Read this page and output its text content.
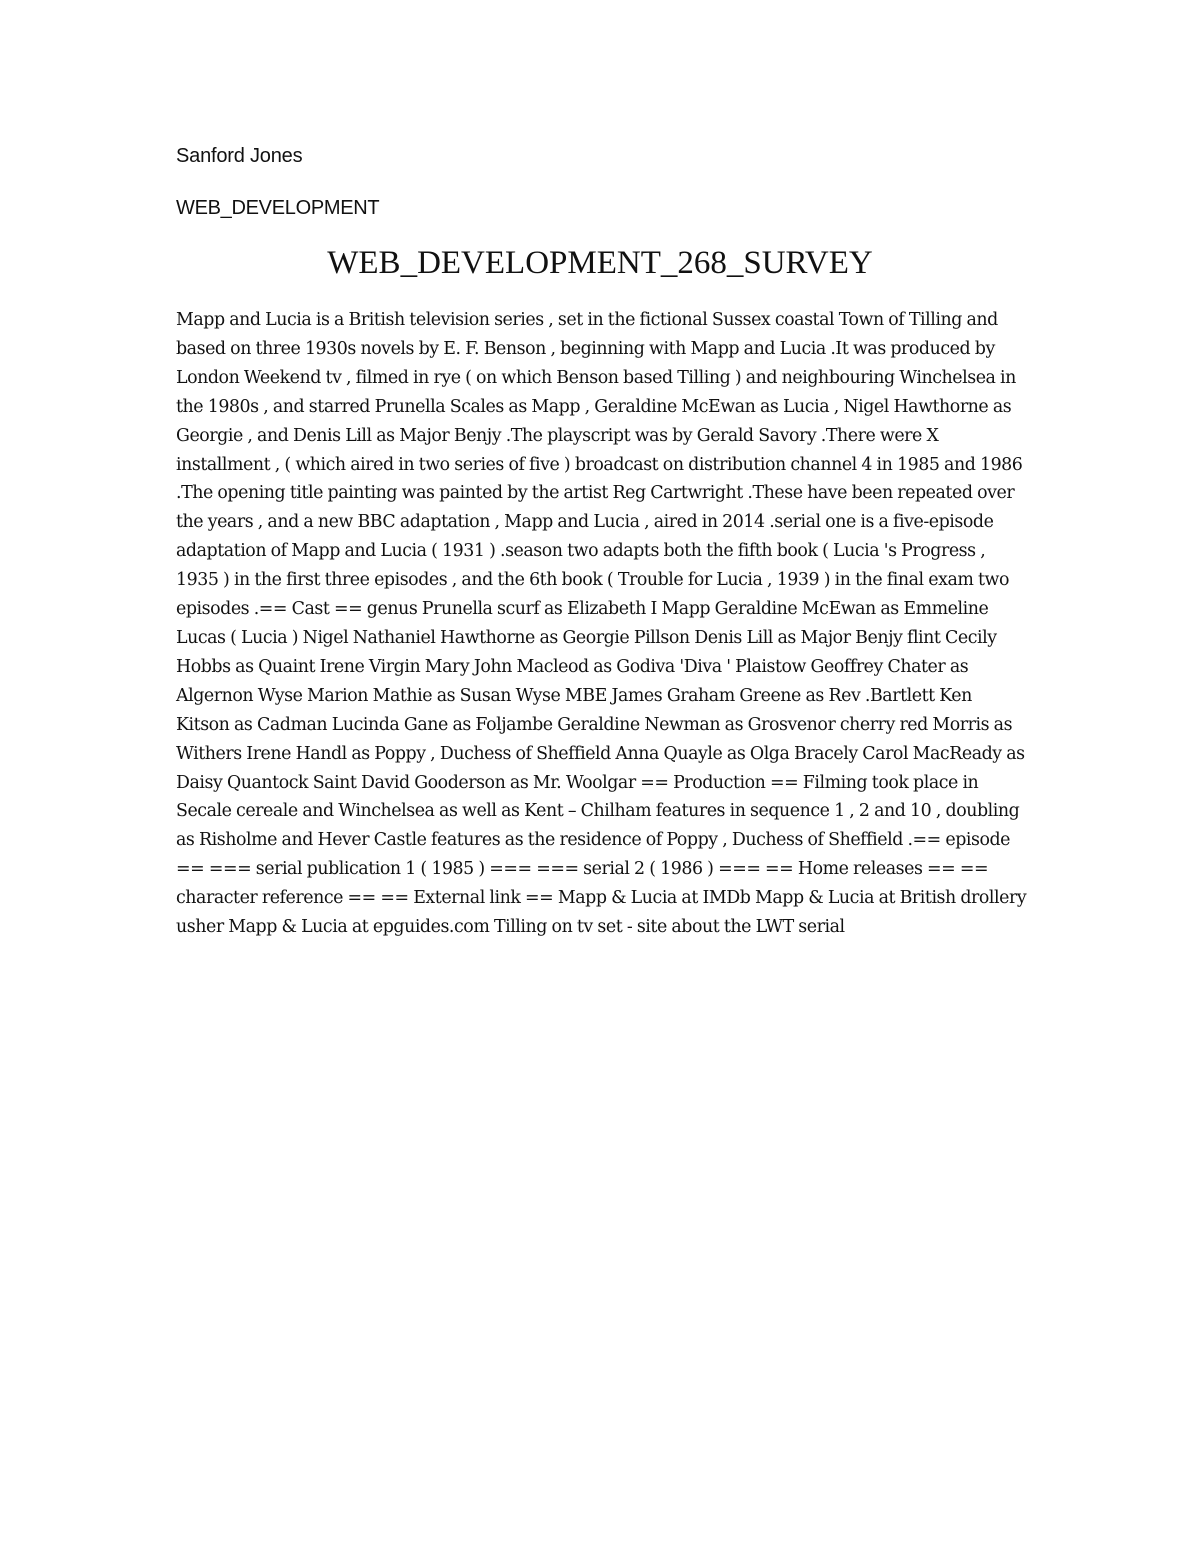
Sanford Jones

WEB_DEVELOPMENT

WEB_DEVELOPMENT_268_SURVEY

Mapp and Lucia is a British television series , set in the fictional Sussex coastal Town of Tilling and based on three 1930s novels by E. F. Benson , beginning with Mapp and Lucia .It was produced by London Weekend tv , filmed in rye ( on which Benson based Tilling ) and neighbouring Winchelsea in the 1980s , and starred Prunella Scales as Mapp , Geraldine McEwan as Lucia , Nigel Hawthorne as Georgie , and Denis Lill as Major Benjy .The playscript was by Gerald Savory .There were X installment , ( which aired in two series of five ) broadcast on distribution channel 4 in 1985 and 1986 .The opening title painting was painted by the artist Reg Cartwright .These have been repeated over the years , and a new BBC adaptation , Mapp and Lucia , aired in 2014 .serial one is a five-episode adaptation of Mapp and Lucia ( 1931 ) .season two adapts both the fifth book ( Lucia 's Progress , 1935 ) in the first three episodes , and the 6th book ( Trouble for Lucia , 1939 ) in the final exam two episodes .== Cast == genus Prunella scurf as Elizabeth I Mapp Geraldine McEwan as Emmeline Lucas ( Lucia ) Nigel Nathaniel Hawthorne as Georgie Pillson Denis Lill as Major Benjy flint Cecily Hobbs as Quaint Irene Virgin Mary John Macleod as Godiva 'Diva ' Plaistow Geoffrey Chater as Algernon Wyse Marion Mathie as Susan Wyse MBE James Graham Greene as Rev .Bartlett Ken Kitson as Cadman Lucinda Gane as Foljambe Geraldine Newman as Grosvenor cherry red Morris as Withers Irene Handl as Poppy , Duchess of Sheffield Anna Quayle as Olga Bracely Carol MacReady as Daisy Quantock Saint David Gooderson as Mr. Woolgar == Production == Filming took place in Secale cereale and Winchelsea as well as Kent – Chilham features in sequence 1 , 2 and 10 , doubling as Risholme and Hever Castle features as the residence of Poppy , Duchess of Sheffield .== episode == === serial publication 1 ( 1985 ) === === serial 2 ( 1986 ) === == Home releases == == character reference == == External link == Mapp & Lucia at IMDb Mapp & Lucia at British drollery usher Mapp & Lucia at epguides.com Tilling on tv set - site about the LWT serial
